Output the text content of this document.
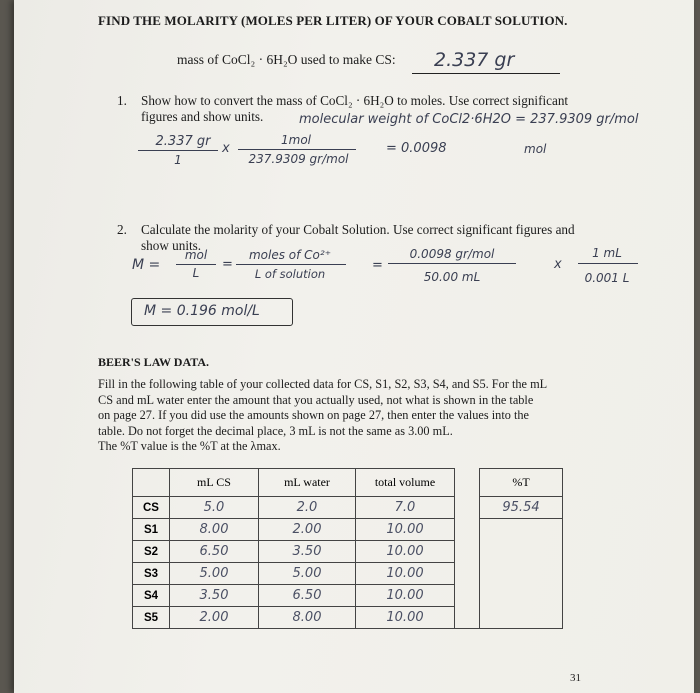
FIND THE MOLARITY (MOLES PER LITER) OF YOUR COBALT SOLUTION.
mass of CoCl₂ · 6H₂O used to make CS: 2.337 gr
1. Show how to convert the mass of CoCl₂ · 6H₂O to moles. Use correct significant
figures and show units.	molecular weight of CoCl2·6H2O = 237.9309 gr/mol
2.337 gr
1
x
1mol
237.9309 gr/mol
= 0.0098	mol
2. Calculate the molarity of your Cobalt Solution. Use correct significant figures and
show units.
M =
mol
L
=
moles of Co²⁺
L of solution
=
0.0098 gr/mol
50.00 mL
x
1 mL
0.001 L
M = 0.196 mol/L
BEER'S LAW DATA.
Fill in the following table of your collected data for CS, S1, S2, S3, S4, and S5. For the mL
CS and mL water enter the amount that you actually used, not what is shown in the table
on page 27. If you did use the amounts shown on page 27, then enter the values into the
table. Do not forget the decimal place, 3 mL is not the same as 3.00 mL.
The %T value is the %T at the λmax.
	mL CS	mL water	total volume		%T
CS	5.0	2.0	7.0		95.54
S1	8.00	2.00	10.00		
S2	6.50	3.50	10.00		
S3	5.00	5.00	10.00		
S4	3.50	6.50	10.00		
S5	2.00	8.00	10.00		
31
